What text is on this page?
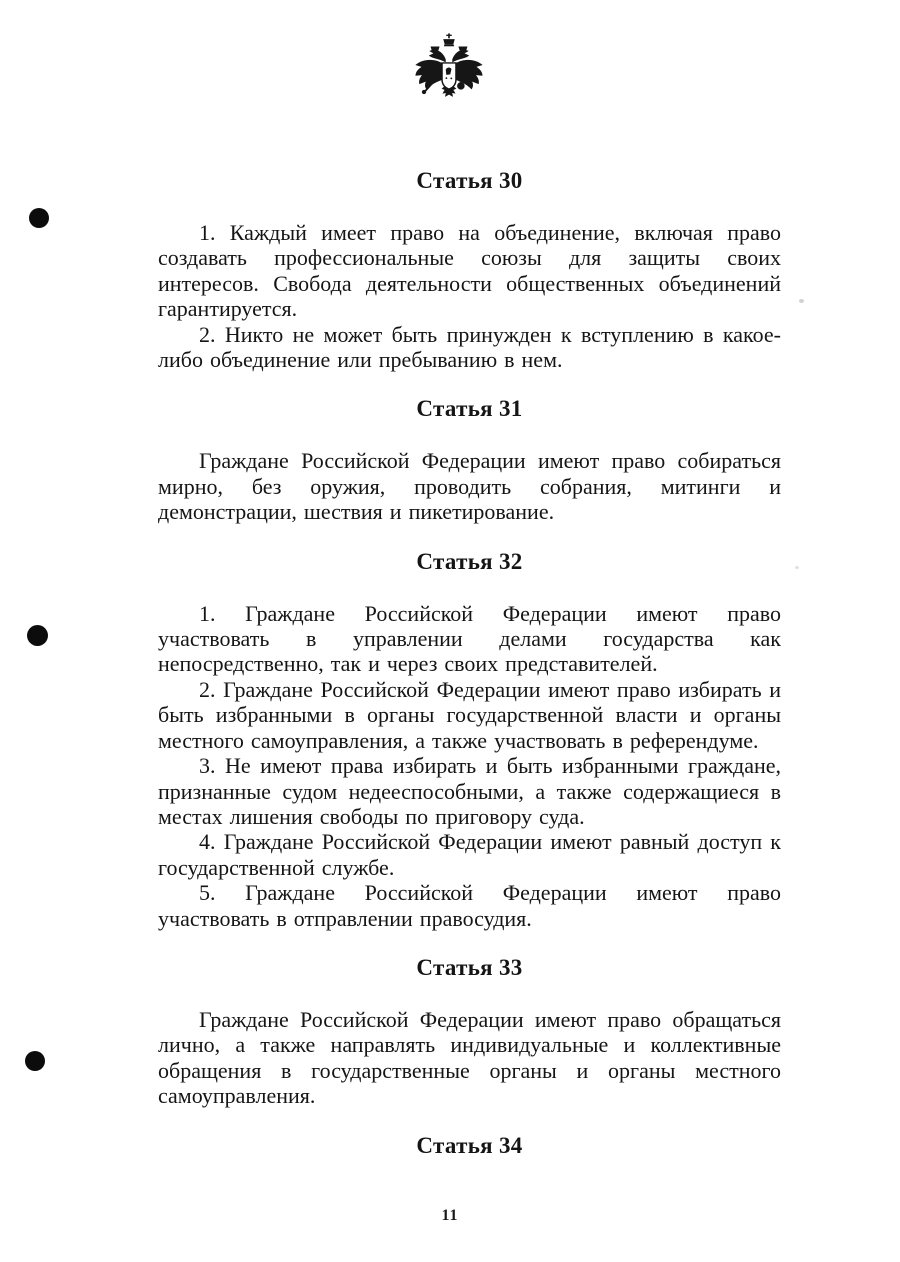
Статья 30

1. Каждый имеет право на объединение, включая право создавать профессиональные союзы для защиты своих интересов. Свобода деятельности общественных объединений гарантируется.

2. Никто не может быть принужден к вступлению в какое-либо объединение или пребыванию в нем.

Статья 31

Граждане Российской Федерации имеют право собираться мирно, без оружия, проводить собрания, митинги и демонстрации, шествия и пикетирование.

Статья 32

1. Граждане Российской Федерации имеют право участвовать в управлении делами государства как непосредственно, так и через своих представителей.

2. Граждане Российской Федерации имеют право избирать и быть избранными в органы государственной власти и органы местного самоуправления, а также участвовать в референдуме.

3. Не имеют права избирать и быть избранными граждане, признанные судом недееспособными, а также содержащиеся в местах лишения свободы по приговору суда.

4. Граждане Российской Федерации имеют равный доступ к государственной службе.

5. Граждане Российской Федерации имеют право участвовать в отправлении правосудия.

Статья 33

Граждане Российской Федерации имеют право обращаться лично, а также направлять индивидуальные и коллективные обращения в государственные органы и органы местного самоуправления.

Статья 34
11
